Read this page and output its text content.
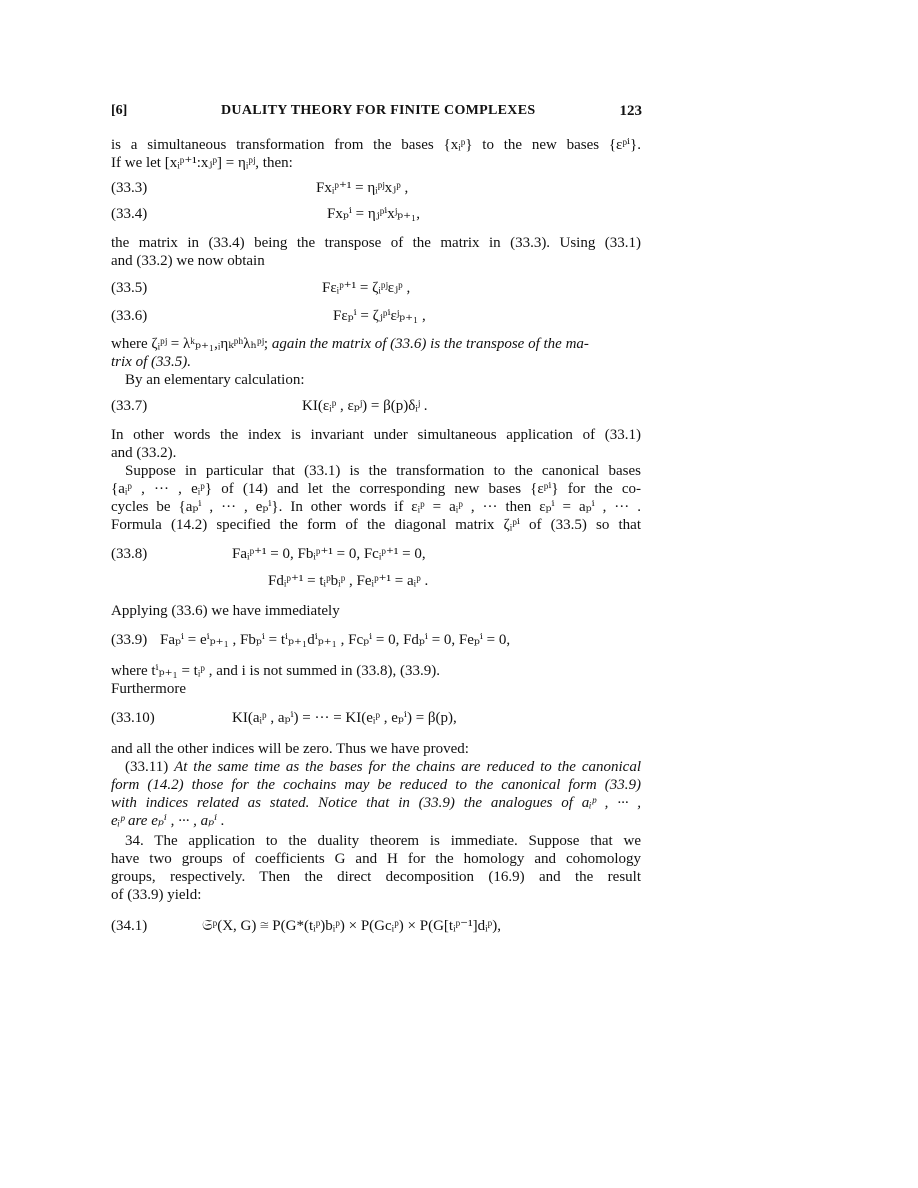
[6]	DUALITY THEORY FOR FINITE COMPLEXES	123
is a simultaneous transformation from the bases {xᵢᵖ} to the new bases {εᵖⁱ}.
If we let [xᵢᵖ⁺¹:xⱼᵖ] = ηᵢᵖʲ, then:
(33.3)	Fxᵢᵖ⁺¹ = ηᵢᵖʲxⱼᵖ ,
(33.4)	Fxₚⁱ = ηⱼᵖⁱxʲₚ₊₁,
the matrix in (33.4) being the transpose of the matrix in (33.3). Using (33.1)
and (33.2) we now obtain
(33.5)	Fεᵢᵖ⁺¹ = ζᵢᵖʲεⱼᵖ ,
(33.6)	Fεₚⁱ = ζⱼᵖⁱεʲₚ₊₁ ,
where ζᵢᵖʲ = λᵏₚ₊₁,ᵢηₖᵖʰλₕᵖʲ; again the matrix of (33.6) is the transpose of the ma-
trix of (33.5).
By an elementary calculation:
(33.7)	KI(εᵢᵖ , εₚʲ) = β(p)δᵢʲ .
In other words the index is invariant under simultaneous application of (33.1)
and (33.2).
Suppose in particular that (33.1) is the transformation to the canonical bases
{aᵢᵖ , ··· , eᵢᵖ} of (14) and let the corresponding new bases {εᵖⁱ} for the co-
cycles be {aₚⁱ , ··· , eₚⁱ}. In other words if εᵢᵖ = aᵢᵖ , ··· then εₚⁱ = aₚⁱ , ··· .
Formula (14.2) specified the form of the diagonal matrix ζᵢᵖⁱ of (33.5) so that
(33.8)	Faᵢᵖ⁺¹ = 0, Fbᵢᵖ⁺¹ = 0, Fcᵢᵖ⁺¹ = 0,
Fdᵢᵖ⁺¹ = tᵢᵖbᵢᵖ , Feᵢᵖ⁺¹ = aᵢᵖ .
Applying (33.6) we have immediately
(33.9) Faₚⁱ = eⁱₚ₊₁ , Fbₚⁱ = tⁱₚ₊₁dⁱₚ₊₁ , Fcₚⁱ = 0, Fdₚⁱ = 0, Feₚⁱ = 0,
where tⁱₚ₊₁ = tᵢᵖ , and i is not summed in (33.8), (33.9).
Furthermore
(33.10)	KI(aᵢᵖ , aₚⁱ) = ··· = KI(eᵢᵖ , eₚⁱ) = β(p),
and all the other indices will be zero. Thus we have proved:
(33.11) At the same time as the bases for the chains are reduced to the canonical
form (14.2) those for the cochains may be reduced to the canonical form (33.9)
with indices related as stated. Notice that in (33.9) the analogues of aᵢᵖ , ··· ,
eᵢᵖ are eₚⁱ , ··· , aₚⁱ .
34. The application to the duality theorem is immediate. Suppose that we
have two groups of coefficients G and H for the homology and cohomology
groups, respectively. Then the direct decomposition (16.9) and the result
of (33.9) yield:
(34.1)	𝔖ᵖ(X, G) ≅ P(G*(tᵢᵖ)bᵢᵖ) × P(Gcᵢᵖ) × P(G[tᵢᵖ⁻¹]dᵢᵖ),
